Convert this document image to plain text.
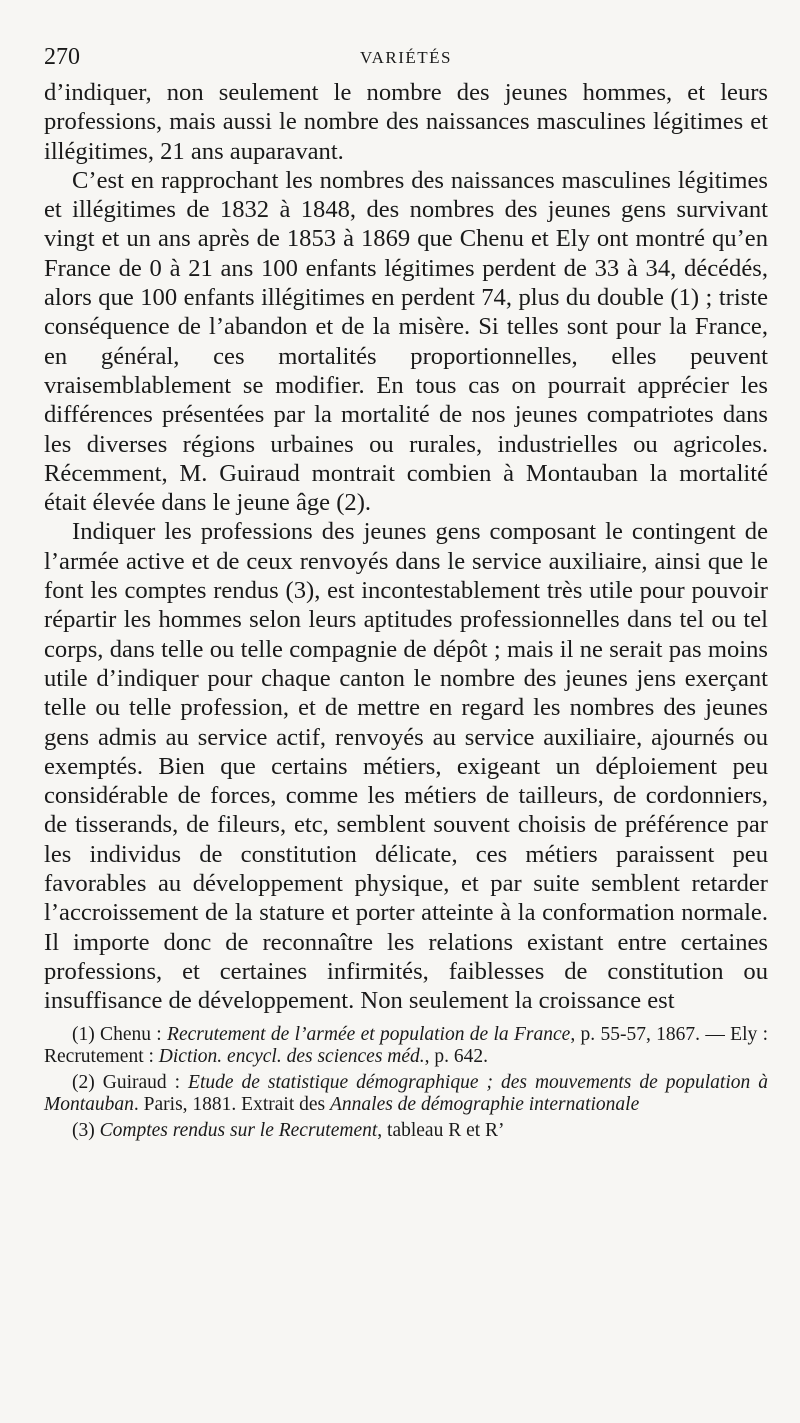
270	VARIÉTÉS

d’indiquer, non seulement le nombre des jeunes hommes, et leurs professions, mais aussi le nombre des naissances masculines légitimes et illégitimes, 21 ans auparavant.

C’est en rapprochant les nombres des naissances masculines légitimes et illégitimes de 1832 à 1848, des nombres des jeunes gens survivant vingt et un ans après de 1853 à 1869 que Chenu et Ely ont montré qu’en France de 0 à 21 ans 100 enfants légitimes perdent de 33 à 34, décédés, alors que 100 enfants illégitimes en perdent 74, plus du double (1) ; triste conséquence de l’abandon et de la misère. Si telles sont pour la France, en général, ces mortalités proportionnelles, elles peuvent vraisemblablement se modifier. En tous cas on pourrait apprécier les différences présentées par la mortalité de nos jeunes compatriotes dans les diverses régions urbaines ou rurales, industrielles ou agricoles. Récemment, M. Guiraud montrait combien à Montauban la mortalité était élevée dans le jeune âge (2).

Indiquer les professions des jeunes gens composant le contingent de l’armée active et de ceux renvoyés dans le service auxiliaire, ainsi que le font les comptes rendus (3), est incontestablement très utile pour pouvoir répartir les hommes selon leurs aptitudes professionnelles dans tel ou tel corps, dans telle ou telle compagnie de dépôt ; mais il ne serait pas moins utile d’indiquer pour chaque canton le nombre des jeunes jens exerçant telle ou telle profession, et de mettre en regard les nombres des jeunes gens admis au service actif, renvoyés au service auxiliaire, ajournés ou exemptés. Bien que certains métiers, exigeant un déploiement peu considérable de forces, comme les métiers de tailleurs, de cordonniers, de tisserands, de fileurs, etc, semblent souvent choisis de préférence par les individus de constitution délicate, ces métiers paraissent peu favorables au développement physique, et par suite semblent retarder l’accroissement de la stature et porter atteinte à la conformation normale. Il importe donc de reconnaître les relations existant entre certaines professions, et certaines infirmités, faiblesses de constitution ou insuffisance de développement. Non seulement la croissance est

(1) Chenu : Recrutement de l’armée et population de la France, p. 55-57, 1867. — Ely : Recrutement : Diction. encycl. des sciences méd., p. 642.

(2) Guiraud : Etude de statistique démographique ; des mouvements de population à Montauban. Paris, 1881. Extrait des Annales de démographie internationale

(3) Comptes rendus sur le Recrutement, tableau R et R’
